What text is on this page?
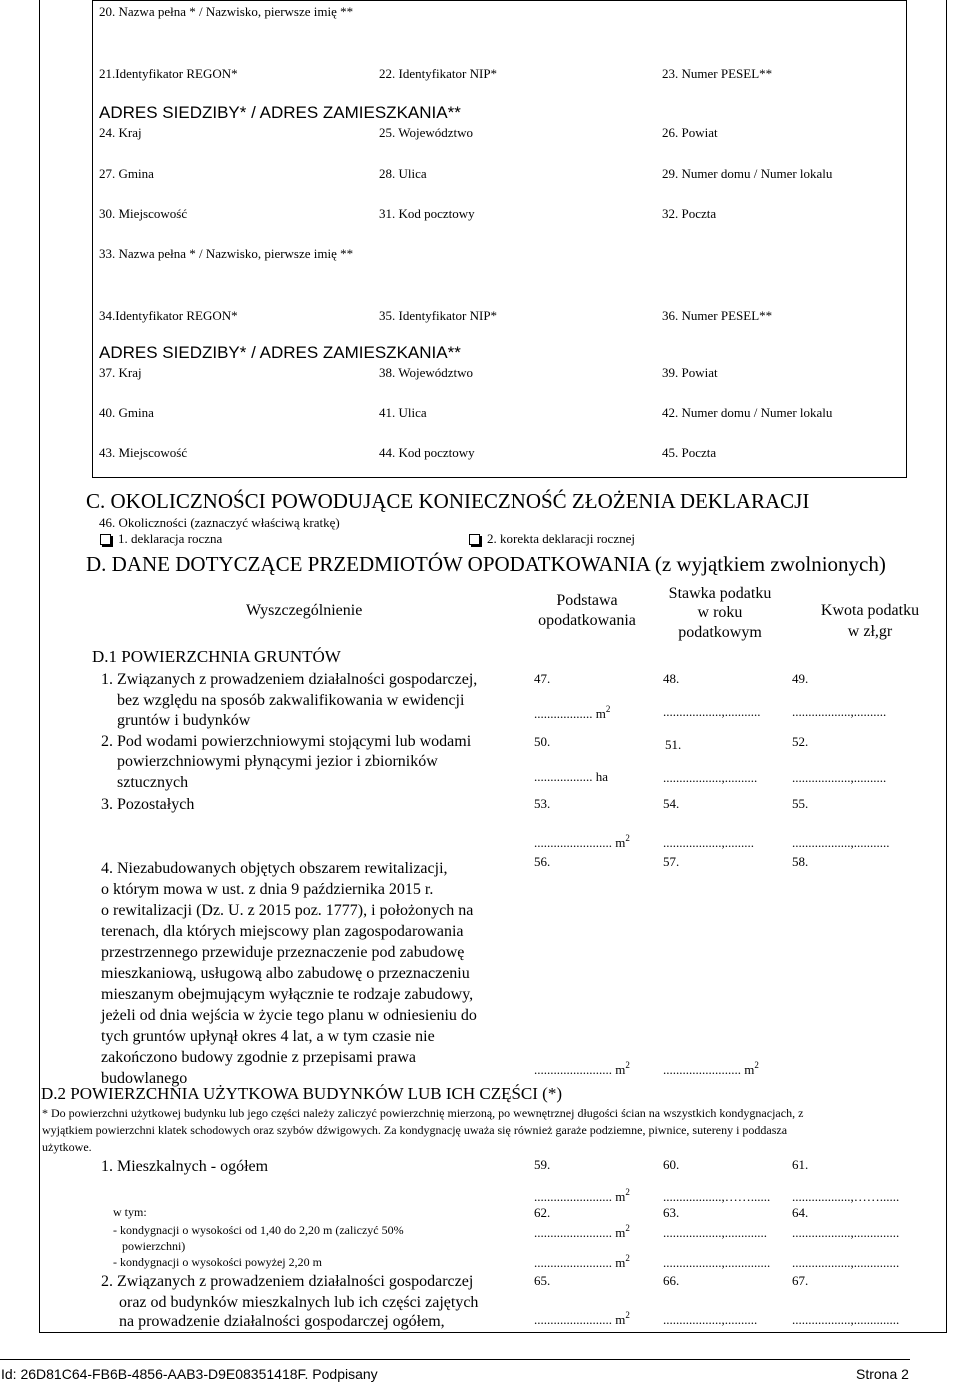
20. Nazwa pełna * / Nazwisko, pierwsze imię **
21.Identyfikator REGON*	22. Identyfikator NIP*	23. Numer PESEL**
ADRES SIEDZIBY* / ADRES ZAMIESZKANIA**
24. Kraj	25. Województwo	26. Powiat
27. Gmina	28. Ulica	29. Numer domu / Numer lokalu
30. Miejscowość	31. Kod pocztowy	32. Poczta
33. Nazwa pełna * / Nazwisko, pierwsze imię **
34.Identyfikator REGON*	35. Identyfikator NIP*	36. Numer PESEL**
ADRES SIEDZIBY* / ADRES ZAMIESZKANIA**
37. Kraj	38. Województwo	39. Powiat
40. Gmina	41. Ulica	42. Numer domu / Numer lokalu
43. Miejscowość	44. Kod pocztowy	45. Poczta
C. OKOLICZNOŚCI POWODUJĄCE KONIECZNOŚĆ ZŁOŻENIA DEKLARACJI
46. Okoliczności (zaznaczyć właściwą kratkę)
1. deklaracja roczna	2. korekta deklaracji rocznej
D. DANE DOTYCZĄCE PRZEDMIOTÓW OPODATKOWANIA (z wyjątkiem zwolnionych)
Wyszczególnienie
Podstawa
opodatkowania
Stawka podatku
w roku
podatkowym
Kwota podatku
w zł,gr
D.1 POWIERZCHNIA GRUNTÓW
1. Związanych z prowadzeniem działalności gospodarczej,
bez względu na sposób zakwalifikowania w ewidencji
gruntów i budynków
47.	48.	49.
.................. $m^2$	..................,........... ..................,..........
2. Pod wodami powierzchniowymi stojącymi lub wodami
powierzchniowymi płynącymi jezior i zbiorników
sztucznych
50.	51.	52.
.................. ha	..................,..........	..................,..........
3. Pozostałych	53.	54.	55.
........................ $m^2$	..................,.........	..................,...........
4. Niezabudowanych objętych obszarem rewitalizacji,
o którym mowa w ust. z dnia 9 października 2015 r.
o rewitalizacji (Dz. U. z 2015 poz. 1777), i położonych na
terenach, dla których miejscowy plan zagospodarowania
przestrzennego przewiduje przeznaczenie pod zabudowę
mieszkaniową, usługową albo zabudowę o przeznaczeniu
mieszanym obejmującym wyłącznie te rodzaje zabudowy,
jeżeli od dnia wejścia w życie tego planu w odniesieniu do
tych gruntów upłynął okres 4 lat, a w tym czasie nie
zakończono budowy zgodnie z przepisami prawa
budowlanego
56.	57.	58.
........................ $m^2$	........................ $m^2$
D.2 POWIERZCHNIA UŻYTKOWA BUDYNKÓW LUB ICH CZĘŚCI (*)
* Do powierzchni użytkowej budynku lub jego części należy zaliczyć powierzchnię mierzoną, po wewnętrznej długości ścian na wszystkich kondygnacjach, z
wyjątkiem powierzchni klatek schodowych oraz szybów dźwigowych. Za kondygnację uważa się również garaże podziemne, piwnice, sutereny i poddasza
użytkowe.
1. Mieszkalnych - ogółem	59.	60.	61.
........................ $m^2$	..................,……...... ..................,……......
w tym:
- kondygnacji o wysokości od 1,40 do 2,20 m (zaliczyć 50%
powierzchni)
- kondygnacji o wysokości powyżej 2,20 m
62.	63.	64.
........................ $m^2$	..................,............. ..................,..............
........................ $m^2$	..................,.............. ..................,..............
2. Związanych z prowadzeniem działalności gospodarczej
oraz od budynków mieszkalnych lub ich części zajętych
na prowadzenie działalności gospodarczej ogółem,
65.	66.	67.
........................ $m^2$	..................,..........	..................,..............
Id: 26D81C64-FB6B-4856-AAB3-D9E08351418F. Podpisany	Strona 2
